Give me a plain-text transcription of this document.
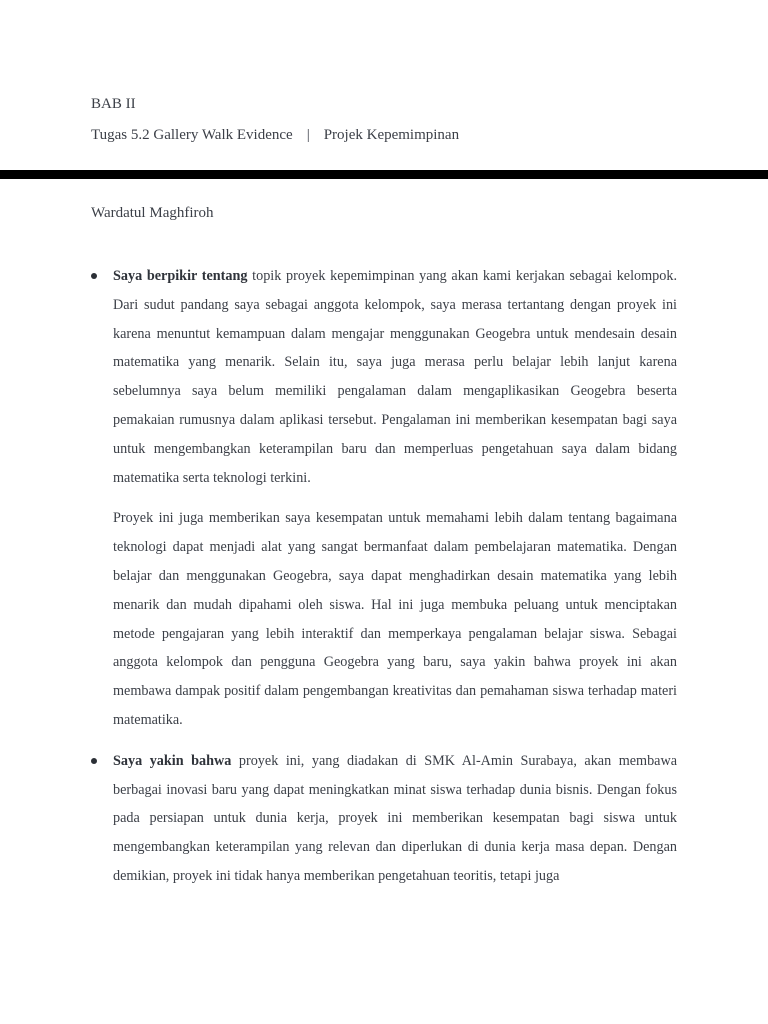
BAB II
Tugas 5.2 Gallery Walk Evidence | Projek Kepemimpinan
Wardatul Maghfiroh

Saya berpikir tentang topik proyek kepemimpinan yang akan kami kerjakan sebagai kelompok. Dari sudut pandang saya sebagai anggota kelompok, saya merasa tertantang dengan proyek ini karena menuntut kemampuan dalam mengajar menggunakan Geogebra untuk mendesain desain matematika yang menarik. Selain itu, saya juga merasa perlu belajar lebih lanjut karena sebelumnya saya belum memiliki pengalaman dalam mengaplikasikan Geogebra beserta pemakaian rumusnya dalam aplikasi tersebut. Pengalaman ini memberikan kesempatan bagi saya untuk mengembangkan keterampilan baru dan memperluas pengetahuan saya dalam bidang matematika serta teknologi terkini.

Proyek ini juga memberikan saya kesempatan untuk memahami lebih dalam tentang bagaimana teknologi dapat menjadi alat yang sangat bermanfaat dalam pembelajaran matematika. Dengan belajar dan menggunakan Geogebra, saya dapat menghadirkan desain matematika yang lebih menarik dan mudah dipahami oleh siswa. Hal ini juga membuka peluang untuk menciptakan metode pengajaran yang lebih interaktif dan memperkaya pengalaman belajar siswa. Sebagai anggota kelompok dan pengguna Geogebra yang baru, saya yakin bahwa proyek ini akan membawa dampak positif dalam pengembangan kreativitas dan pemahaman siswa terhadap materi matematika.

Saya yakin bahwa proyek ini, yang diadakan di SMK Al-Amin Surabaya, akan membawa berbagai inovasi baru yang dapat meningkatkan minat siswa terhadap dunia bisnis. Dengan fokus pada persiapan untuk dunia kerja, proyek ini memberikan kesempatan bagi siswa untuk mengembangkan keterampilan yang relevan dan diperlukan di dunia kerja masa depan. Dengan demikian, proyek ini tidak hanya memberikan pengetahuan teoritis, tetapi juga
